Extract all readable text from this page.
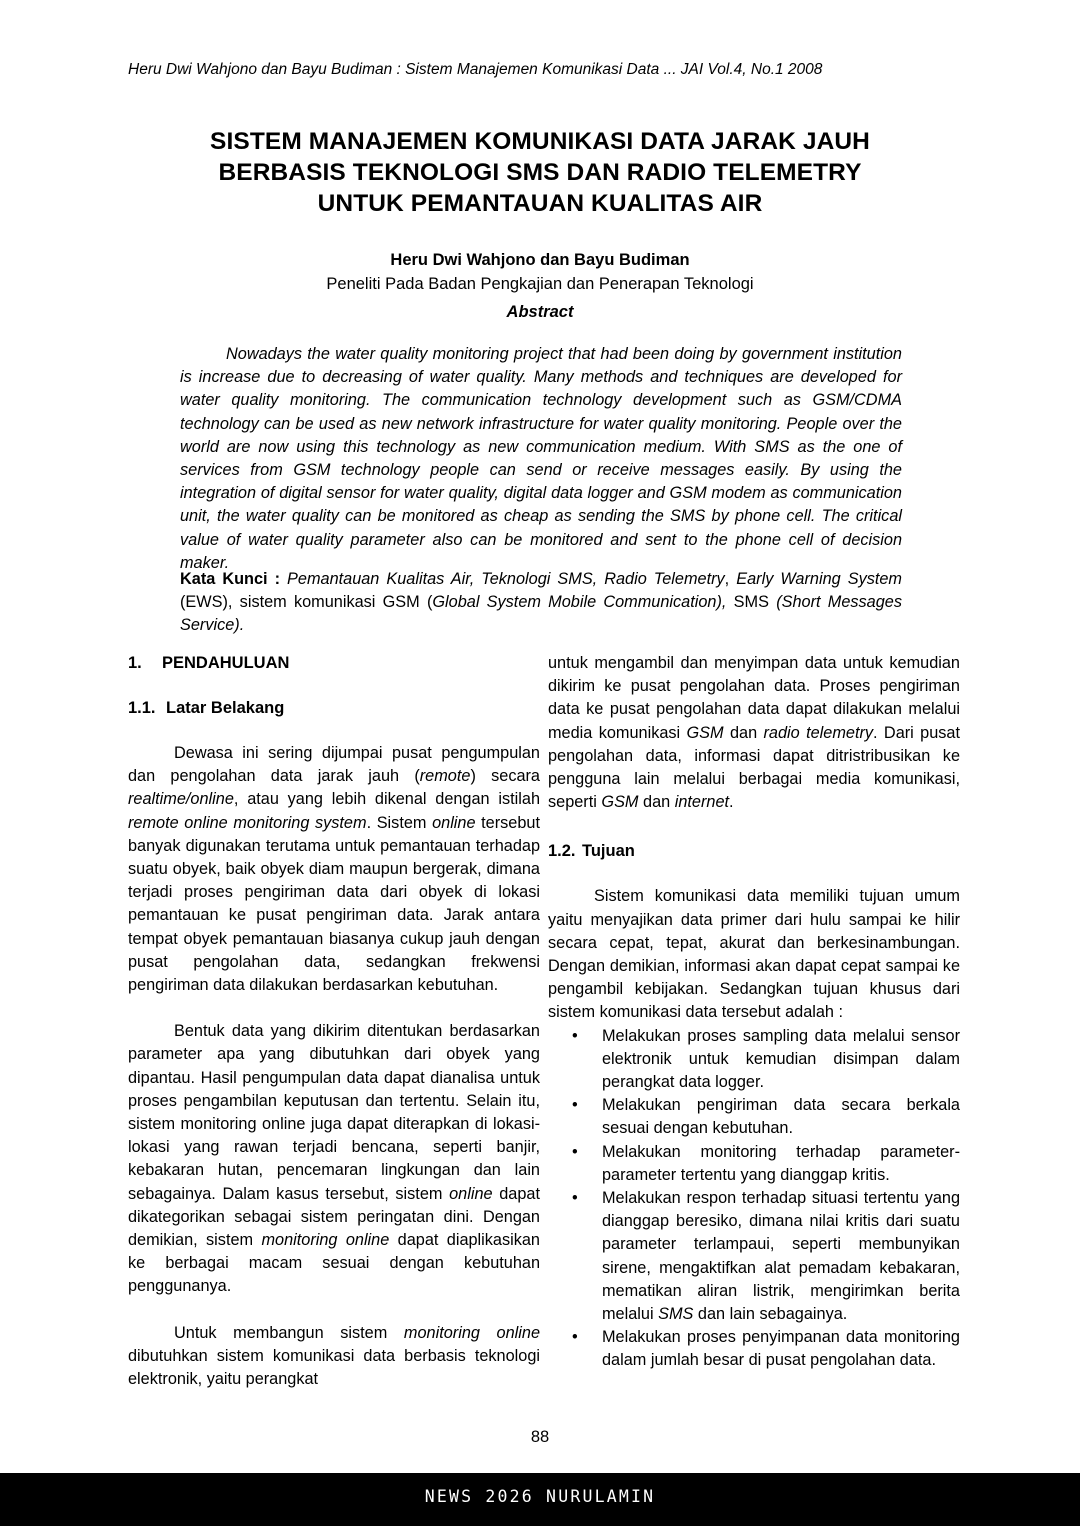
Heru Dwi Wahjono dan Bayu Budiman : Sistem Manajemen Komunikasi Data ... JAI Vol.4, No.1 2008
SISTEM MANAJEMEN KOMUNIKASI DATA JARAK JAUH
BERBASIS TEKNOLOGI SMS DAN RADIO TELEMETRY
UNTUK PEMANTAUAN KUALITAS AIR
Heru Dwi Wahjono dan Bayu Budiman
Peneliti Pada Badan Pengkajian dan Penerapan Teknologi
Abstract
Nowadays the water quality monitoring project that had been doing by government institution is increase due to decreasing of water quality. Many methods and techniques are developed for water quality monitoring. The communication technology development such as GSM/CDMA technology can be used as new network infrastructure for water quality monitoring. People over the world are now using this technology as new communication medium. With SMS as the one of services from GSM technology people can send or receive messages easily. By using the integration of digital sensor for water quality, digital data logger and GSM modem as communication unit, the water quality can be monitored as cheap as sending the SMS by phone cell. The critical value of water quality parameter also can be monitored and sent to the phone cell of decision maker.
Kata Kunci : Pemantauan Kualitas Air, Teknologi SMS, Radio Telemetry, Early Warning System (EWS), sistem komunikasi GSM (Global System Mobile Communication), SMS (Short Messages Service).
1. PENDAHULUAN
1.1. Latar Belakang

Dewasa ini sering dijumpai pusat pengumpulan dan pengolahan data jarak jauh (remote) secara realtime/online, atau yang lebih dikenal dengan istilah remote online monitoring system. Sistem online tersebut banyak digunakan terutama untuk pemantauan terhadap suatu obyek, baik obyek diam maupun bergerak, dimana terjadi proses pengiriman data dari obyek di lokasi pemantauan ke pusat pengiriman data. Jarak antara tempat obyek pemantauan biasanya cukup jauh dengan pusat pengolahan data, sedangkan frekwensi pengiriman data dilakukan berdasarkan kebutuhan.

Bentuk data yang dikirim ditentukan berdasarkan parameter apa yang dibutuhkan dari obyek yang dipantau. Hasil pengumpulan data dapat dianalisa untuk proses pengambilan keputusan dan tertentu. Selain itu, sistem monitoring online juga dapat diterapkan di lokasi-lokasi yang rawan terjadi bencana, seperti banjir, kebakaran hutan, pencemaran lingkungan dan lain sebagainya. Dalam kasus tersebut, sistem online dapat dikategorikan sebagai sistem peringatan dini. Dengan demikian, sistem monitoring online dapat diaplikasikan ke berbagai macam sesuai dengan kebutuhan penggunanya.

Untuk membangun sistem monitoring online dibutuhkan sistem komunikasi data berbasis teknologi elektronik, yaitu perangkat

untuk mengambil dan menyimpan data untuk kemudian dikirim ke pusat pengolahan data. Proses pengiriman data ke pusat pengolahan data dapat dilakukan melalui media komunikasi GSM dan radio telemetry. Dari pusat pengolahan data, informasi dapat ditristribusikan ke pengguna lain melalui berbagai media komunikasi, seperti GSM dan internet.

1.2. Tujuan

Sistem komunikasi data memiliki tujuan umum yaitu menyajikan data primer dari hulu sampai ke hilir secara cepat, tepat, akurat dan berkesinambungan. Dengan demikian, informasi akan dapat cepat sampai ke pengambil kebijakan. Sedangkan tujuan khusus dari sistem komunikasi data tersebut adalah :

• Melakukan proses sampling data melalui sensor elektronik untuk kemudian disimpan dalam perangkat data logger.
• Melakukan pengiriman data secara berkala sesuai dengan kebutuhan.
• Melakukan monitoring terhadap parameter-parameter tertentu yang dianggap kritis.
• Melakukan respon terhadap situasi tertentu yang dianggap beresiko, dimana nilai kritis dari suatu parameter terlampaui, seperti membunyikan sirene, mengaktifkan alat pemadam kebakaran, mematikan aliran listrik, mengirimkan berita melalui SMS dan lain sebagainya.
• Melakukan proses penyimpanan data monitoring dalam jumlah besar di pusat pengolahan data.
88
NEWS 2026 NURULAMIN
